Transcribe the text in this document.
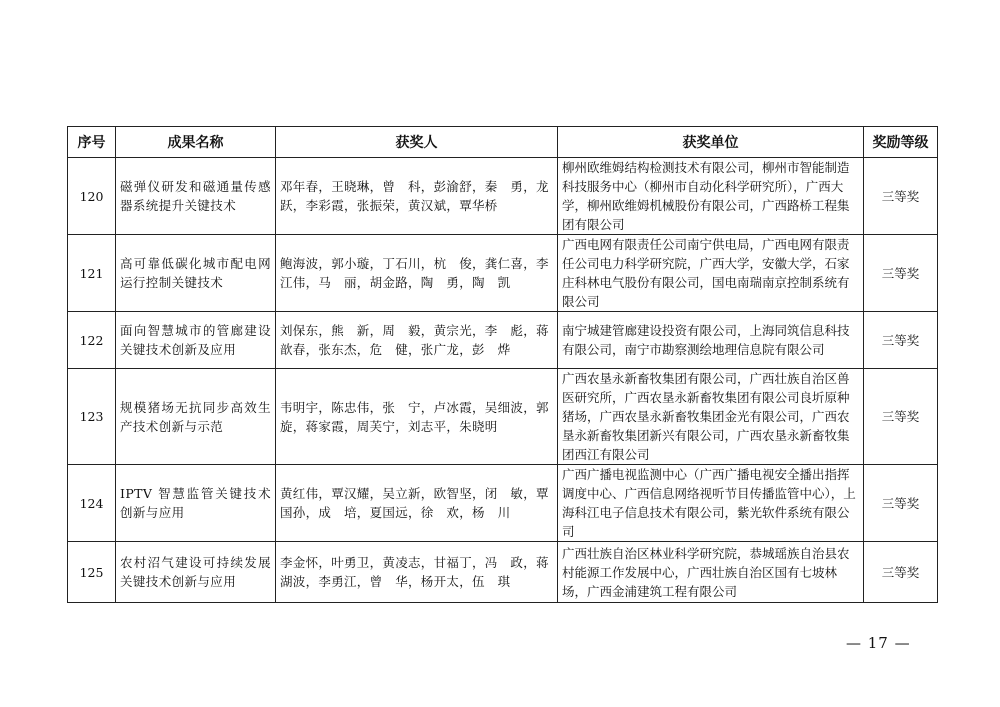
序号	成果名称	获奖人	获奖单位	奖励等级
120	磁弹仪研发和磁通量传感器系统提升关键技术	邓年春，王晓琳，曾　科，彭渝舒，秦　勇，龙　跃，李彩霞，张振荣，黄汉斌，覃华桥	柳州欧维姆结构检测技术有限公司，柳州市智能制造科技服务中心（柳州市自动化科学研究所），广西大学，柳州欧维姆机械股份有限公司，广西路桥工程集团有限公司	三等奖
121	高可靠低碳化城市配电网运行控制关键技术	鲍海波，郭小璇，丁石川，杭　俊，龚仁喜，李江伟，马　丽，胡金路，陶　勇，陶　凯	广西电网有限责任公司南宁供电局，广西电网有限责任公司电力科学研究院，广西大学，安徽大学，石家庄科林电气股份有限公司，国电南瑞南京控制系统有限公司	三等奖
122	面向智慧城市的管廊建设关键技术创新及应用	刘保东，熊　新，周　毅，黄宗光，李　彪，蒋歆春，张东杰，危　健，张广龙，彭　烨	南宁城建管廊建设投资有限公司，上海同筑信息科技有限公司，南宁市勘察测绘地理信息院有限公司	三等奖
123	规模猪场无抗同步高效生产技术创新与示范	韦明宇，陈忠伟，张　宁，卢冰霞，吴细波，郭　旋，蒋家霞，周芙宁，刘志平，朱晓明	广西农垦永新畜牧集团有限公司，广西壮族自治区兽医研究所，广西农垦永新畜牧集团有限公司良圻原种猪场，广西农垦永新畜牧集团金光有限公司，广西农垦永新畜牧集团新兴有限公司，广西农垦永新畜牧集团西江有限公司	三等奖
124	IPTV 智慧监管关键技术创新与应用	黄红伟，覃汉耀，吴立新，欧智坚，闭　敏，覃国孙，成　培，夏国远，徐　欢，杨　川	广西广播电视监测中心（广西广播电视安全播出指挥调度中心、广西信息网络视听节目传播监管中心），上海科江电子信息技术有限公司，紫光软件系统有限公司	三等奖
125	农村沼气建设可持续发展关键技术创新与应用	李金怀，叶勇卫，黄凌志，甘福丁，冯　政，蒋湖波，李勇江，曾　华，杨开太，伍　琪	广西壮族自治区林业科学研究院，恭城瑶族自治县农村能源工作发展中心，广西壮族自治区国有七坡林场，广西金浦建筑工程有限公司	三等奖
— 17 —
